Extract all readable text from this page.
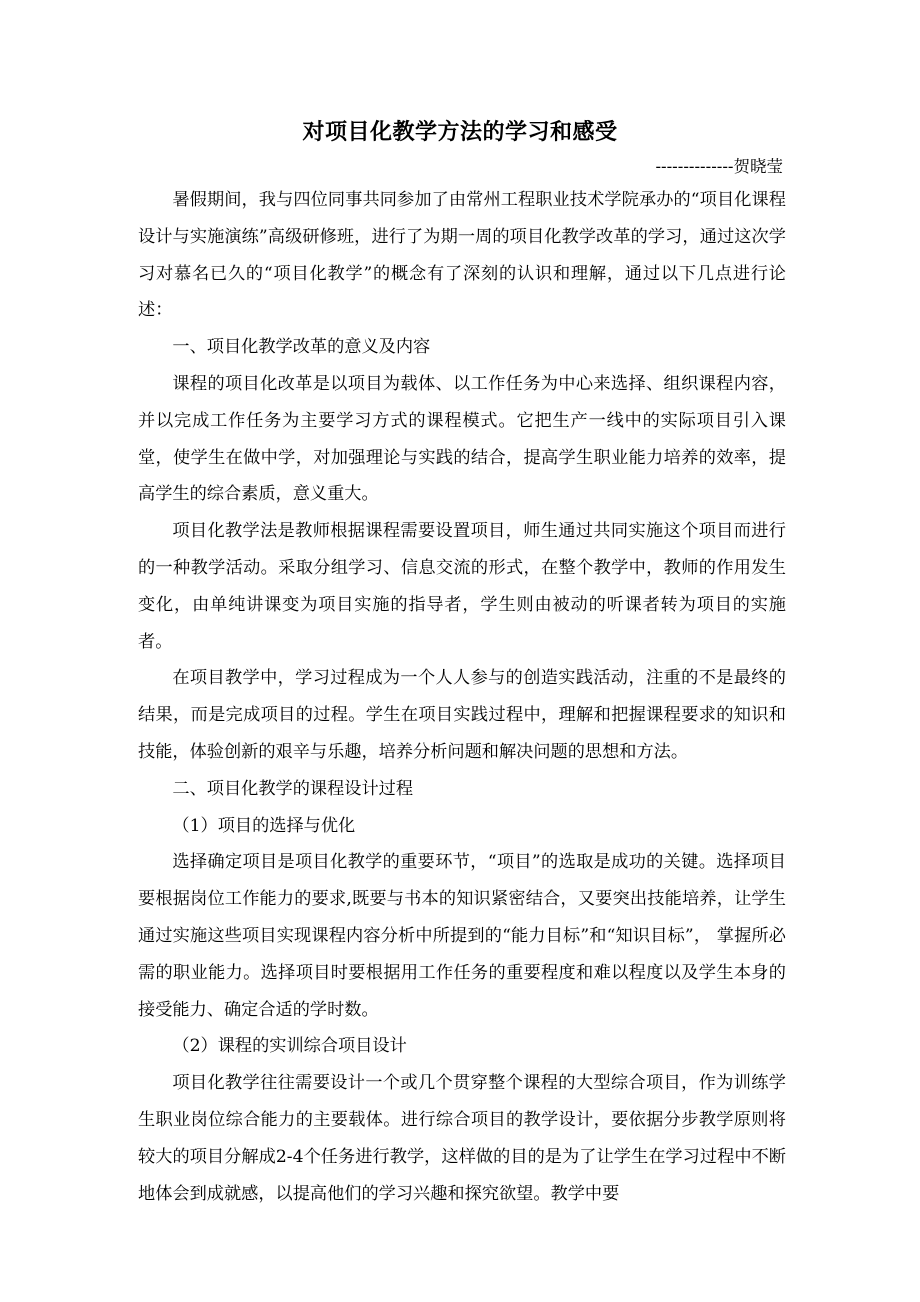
对项目化教学方法的学习和感受
--------------贺晓莹

暑假期间，我与四位同事共同参加了由常州工程职业技术学院承办的“项目化课程设计与实施演练”高级研修班，进行了为期一周的项目化教学改革的学习，通过这次学习对慕名已久的“项目化教学”的概念有了深刻的认识和理解，通过以下几点进行论述：

一、项目化教学改革的意义及内容

课程的项目化改革是以项目为载体、以工作任务为中心来选择、组织课程内容，并以完成工作任务为主要学习方式的课程模式。它把生产一线中的实际项目引入课堂，使学生在做中学，对加强理论与实践的结合，提高学生职业能力培养的效率，提高学生的综合素质，意义重大。

项目化教学法是教师根据课程需要设置项目，师生通过共同实施这个项目而进行的一种教学活动。采取分组学习、信息交流的形式，在整个教学中，教师的作用发生变化，由单纯讲课变为项目实施的指导者，学生则由被动的听课者转为项目的实施者。

在项目教学中，学习过程成为一个人人参与的创造实践活动，注重的不是最终的结果，而是完成项目的过程。学生在项目实践过程中，理解和把握课程要求的知识和技能，体验创新的艰辛与乐趣，培养分析问题和解决问题的思想和方法。

二、项目化教学的课程设计过程

（1）项目的选择与优化

选择确定项目是项目化教学的重要环节，“项目”的选取是成功的关键。选择项目要根据岗位工作能力的要求,既要与书本的知识紧密结合，又要突出技能培养，让学生通过实施这些项目实现课程内容分析中所提到的“能力目标”和“知识目标”， 掌握所必需的职业能力。选择项目时要根据用工作任务的重要程度和难以程度以及学生本身的接受能力、确定合适的学时数。

（2）课程的实训综合项目设计

项目化教学往往需要设计一个或几个贯穿整个课程的大型综合项目，作为训练学生职业岗位综合能力的主要载体。进行综合项目的教学设计，要依据分步教学原则将较大的项目分解成2-4个任务进行教学，这样做的目的是为了让学生在学习过程中不断地体会到成就感，以提高他们的学习兴趣和探究欲望。教学中要
